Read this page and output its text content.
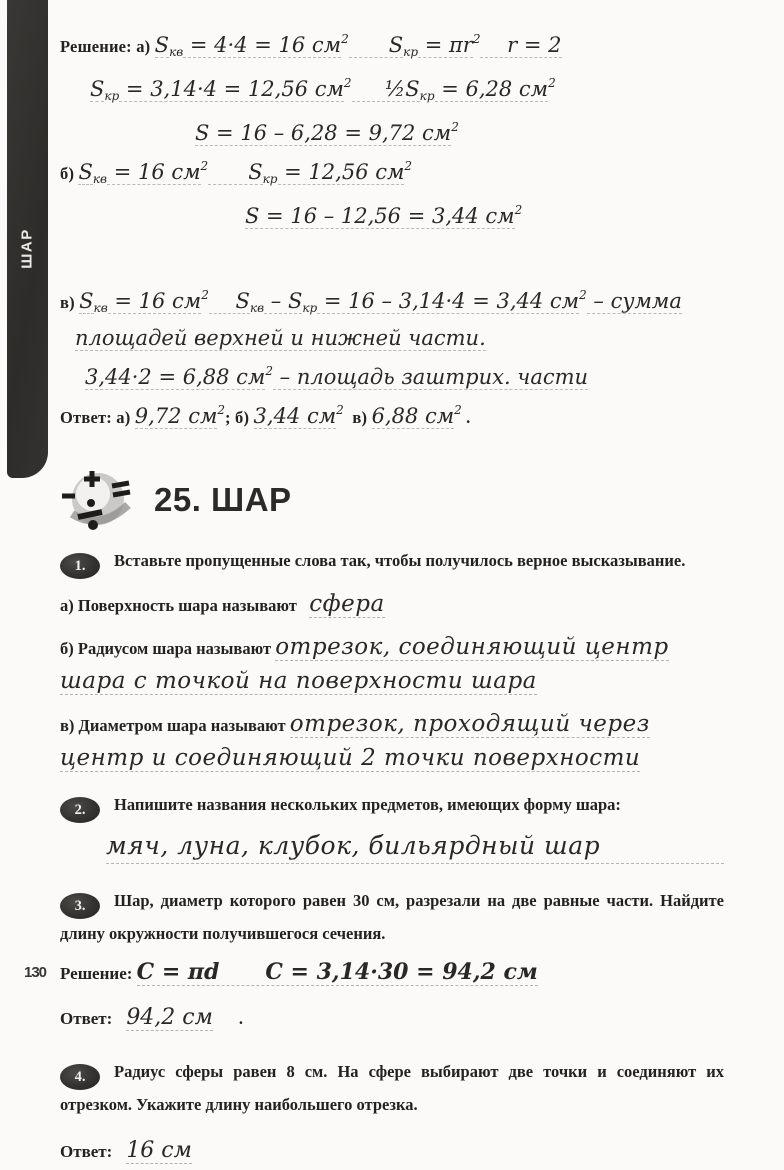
ШАР
Решение: а) $S_{кв} = 4\cdot 4 = 16$ $см^2$      $S_{кр} = \pi r^2$    r = 2
$S_{кр} = 3,14\cdot 4 = 12,56$ $см^2$     $\frac{1}{2}S_{кр} = 6,28$ $см^2$
S = 16 – 6,28 = 9,72 $см^2$
б) $S_{кв} = 16$ $см^2$      $S_{кр} = 12,56$ $см^2$
S = 16 – 12,56 = 3,44 $см^2$
в) $S_{кв} = 16$ $см^2$    $S_{кв} - S_{кр} = 16 - 3,14\cdot 4 = 3,44$ $см^2$ – сумма
площадей верхней и нижней части.
3,44·2 = 6,88 $см^2$ – площадь заштрих. части
Ответ: а) 9,72 $см^2$; б) 3,44 $см^2$  в) 6,88 $см^2$ .
25. ШАР

1. Вставьте пропущенные слова так, чтобы получилось верное высказывание.

а) Поверхность шара называют сфера

б) Радиусом шара называют отрезок, соединяющий центр шара с точкой на поверхности шара

в) Диаметром шара называют отрезок, проходящий через центр и соединяющий 2 точки поверхности

2. Напишите названия нескольких предметов, имеющих форму шара:

мяч, луна, клубок, бильярдный шар

3. Шар, диаметр которого равен 30 см, разрезали на две равные части. Найдите длину окружности получившегося сечения.

Решение: C = πd      C = 3,14·30 = 94,2 см

Ответ: 94,2 см .

4. Радиус сферы равен 8 см. На сфере выбирают две точки и соединяют их отрезком. Укажите длину наибольшего отрезка.

Ответ: 16 см

130
